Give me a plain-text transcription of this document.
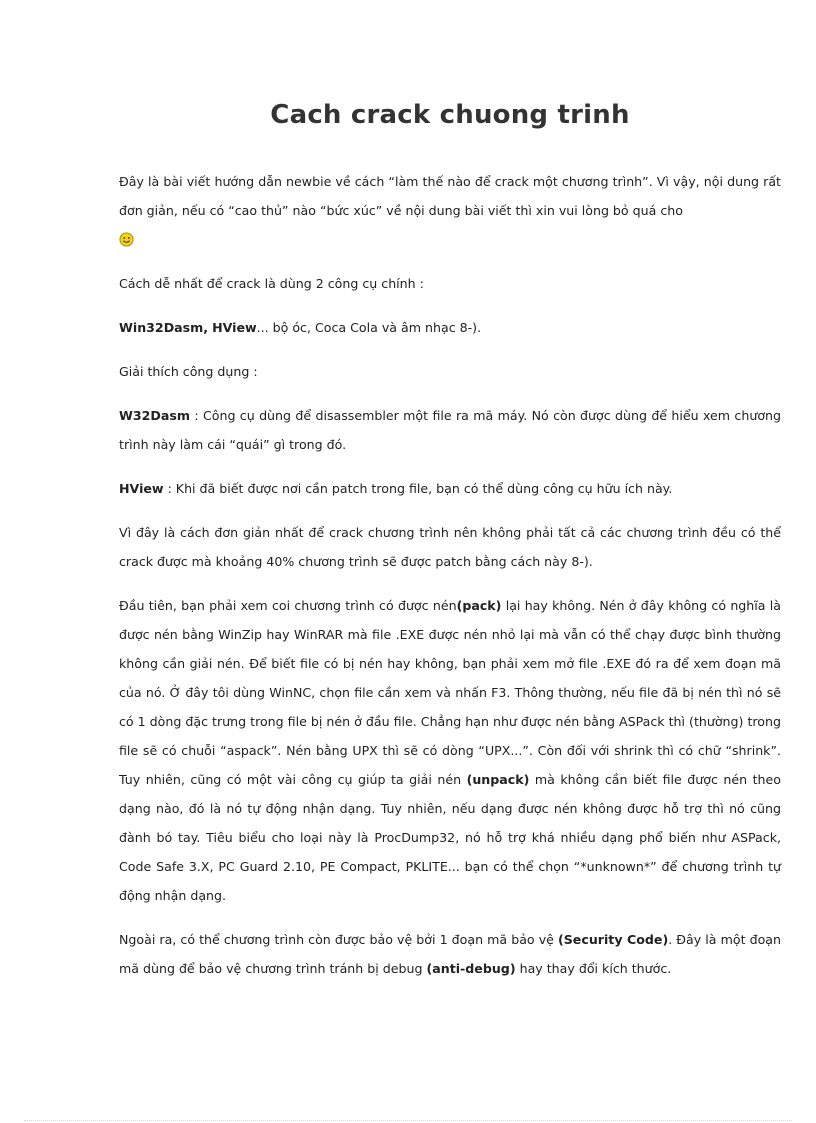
Cach crack chuong trinh

Đây là bài viết hướng dẫn newbie về cách “làm thế nào để crack một chương trình”. Vì vậy, nội dung rất đơn giản, nếu có “cao thủ” nào “bức xúc” về nội dung bài viết thì xin vui lòng bỏ quá cho

Cách dễ nhất để crack là dùng 2 công cụ chính :

Win32Dasm, HView... bộ óc, Coca Cola và âm nhạc 8-).

Giải thích công dụng :

W32Dasm : Công cụ dùng để disassembler một file ra mã máy. Nó còn được dùng để hiểu xem chương trình này làm cái “quái” gì trong đó.

HView : Khi đã biết được nơi cần patch trong file, bạn có thể dùng công cụ hữu ích này.

Vì đây là cách đơn giản nhất để crack chương trình nên không phải tất cả các chương trình đều có thể crack được mà khoảng 40% chương trình sẽ được patch bằng cách này 8-).

Đầu tiên, bạn phải xem coi chương trình có được nén(pack) lại hay không. Nén ở đây không có nghĩa là được nén bằng WinZip hay WinRAR mà file .EXE được nén nhỏ lại mà vẫn có thể chạy được bình thường không cần giải nén. Để biết file có bị nén hay không, bạn phải xem mở file .EXE đó ra để xem đoạn mã của nó. Ở đây tôi dùng WinNC, chọn file cần xem và nhấn F3. Thông thường, nếu file đã bị nén thì nó sẽ có 1 dòng đặc trưng trong file bị nén ở đầu file. Chẳng hạn như được nén bằng ASPack thì (thường) trong file sẽ có chuỗi “aspack”. Nén bằng UPX thì sẽ có dòng “UPX...”. Còn đối với shrink thì có chữ “shrink”. Tuy nhiên, cũng có một vài công cụ giúp ta giải nén (unpack) mà không cần biết file được nén theo dạng nào, đó là nó tự động nhận dạng. Tuy nhiên, nếu dạng được nén không được hỗ trợ thì nó cũng đành bó tay. Tiêu biểu cho loại này là ProcDump32, nó hỗ trợ khá nhiều dạng phổ biến như ASPack, Code Safe 3.X, PC Guard 2.10, PE Compact, PKLITE... bạn có thể chọn “*unknown*” để chương trình tự động nhận dạng.

Ngoài ra, có thể chương trình còn được bảo vệ bởi 1 đoạn mã bảo vệ (Security Code). Đây là một đoạn mã dùng để bảo vệ chương trình tránh bị debug (anti-debug) hay thay đổi kích thước.
